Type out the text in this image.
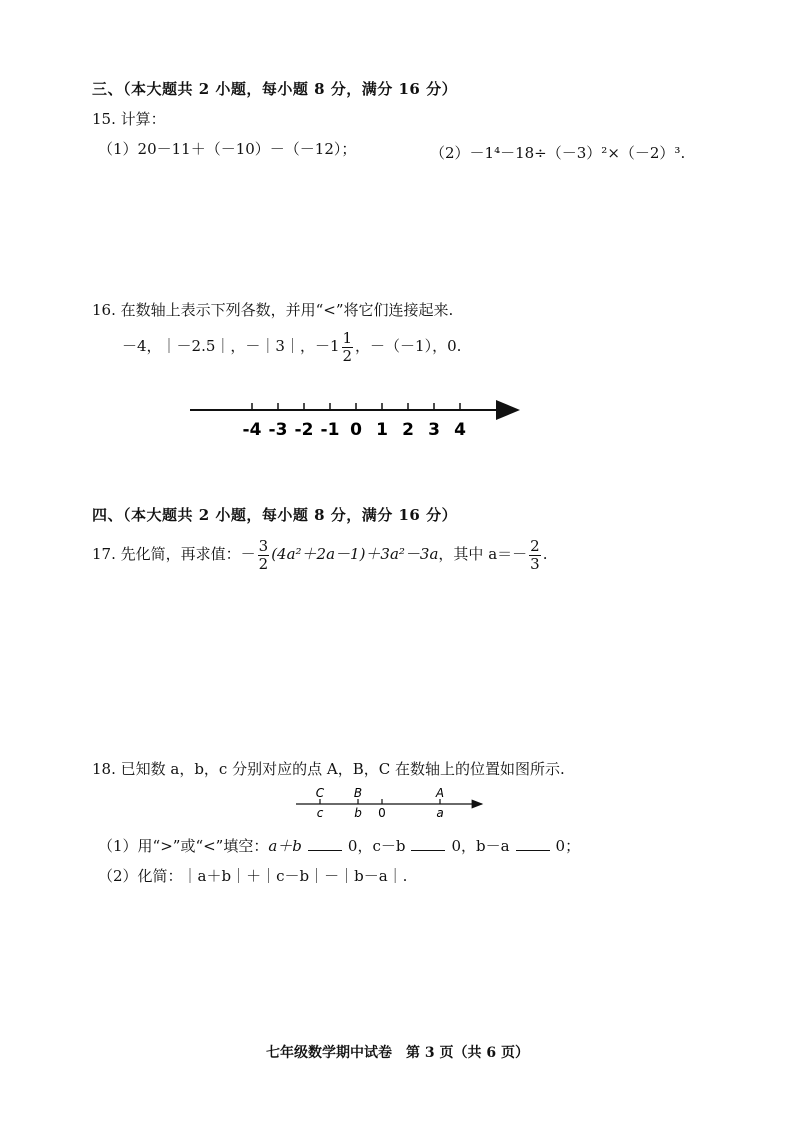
三、（本大题共 2 小题，每小题 8 分，满分 16 分）
15. 计算：
（1）20－11＋（－10）－（－12）；	（2）－1⁴－18÷（－3）²×（－2）³.
16. 在数轴上表示下列各数，并用“<”将它们连接起来.
－4，｜－2.5｜，－｜3｜，$-1 \frac{1}{2}$ ，－（－1），0.
-4 -3 -2 -1 0 1 2 3 4
四、（本大题共 2 小题，每小题 8 分，满分 16 分）
17. 先化简，再求值：－ $\frac{3}{2} (4a^2+2a-1)+3a^2-3a$，其中 $a=- \frac{2}{3}$ .
18. 已知数 a，b，c 分别对应的点 A，B，C 在数轴上的位置如图所示.
C B	A
c	b 0	a
（1）用“>”或“<”填空：a＋b	0，c－b	0，b－a	0；
（2）化简：｜a＋b｜＋｜c－b｜－｜b－a｜.
七年级数学期中试卷　第 3 页（共 6 页）
